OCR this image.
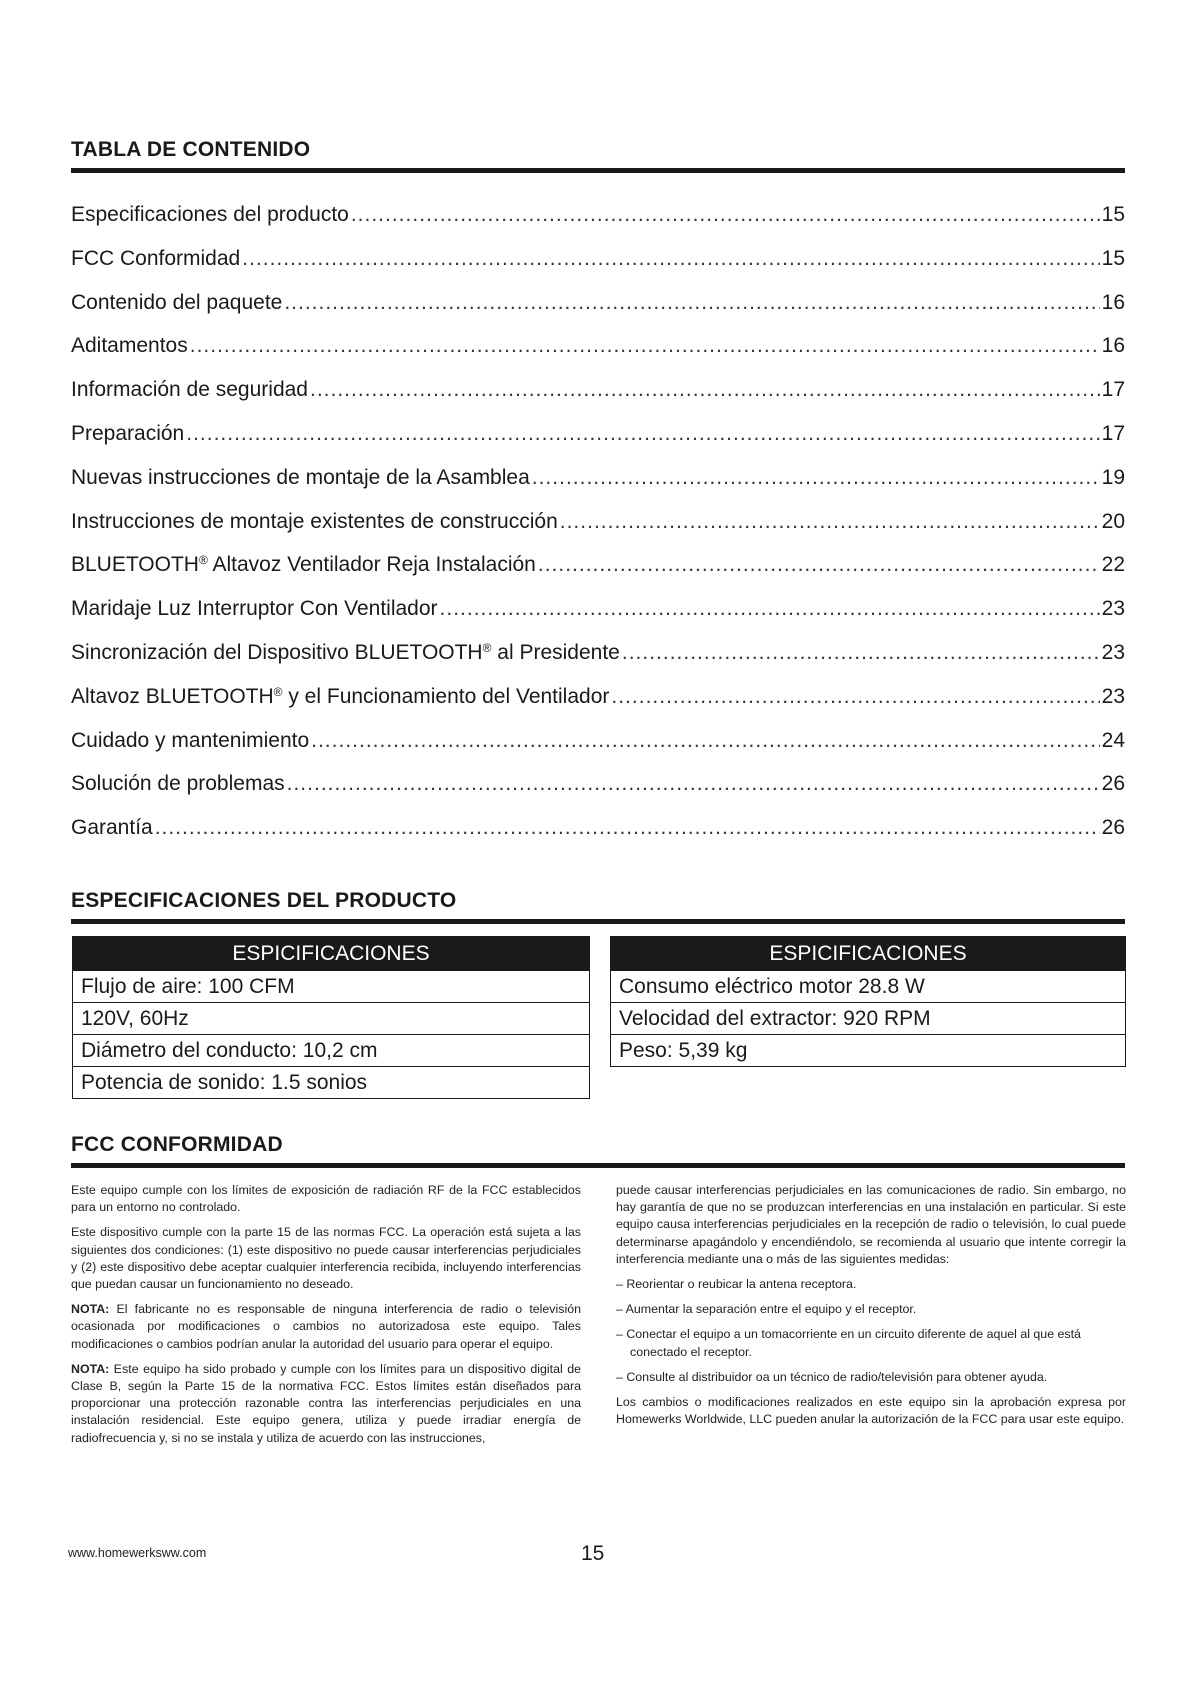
TABLA DE CONTENIDO
Especificaciones del producto .....	15
FCC Conformidad .....	15
Contenido del paquete .....	16
Aditamentos .....	16
Información de seguridad .....	17
Preparación .....	17
Nuevas instrucciones de montaje de la Asamblea .....	19
Instrucciones de montaje existentes de construcción .....	20
BLUETOOTH® Altavoz Ventilador Reja Instalación .....	22
Maridaje Luz Interruptor Con Ventilador .....	23
Sincronización del Dispositivo BLUETOOTH® al Presidente .....	23
Altavoz BLUETOOTH® y el Funcionamiento del Ventilador .....	23
Cuidado y mantenimiento .....	24
Solución de problemas .....	26
Garantía .....	26
ESPECIFICACIONES DEL PRODUCTO
ESPICIFICACIONES
Flujo de aire: 100 CFM
120V, 60Hz
Diámetro del conducto: 10,2 cm
Potencia de sonido: 1.5 sonios
ESPICIFICACIONES
Consumo eléctrico motor 28.8 W
Velocidad del extractor: 920 RPM
Peso: 5,39 kg
FCC CONFORMIDAD

Este equipo cumple con los límites de exposición de radiación RF de la FCC establecidos para un entorno no controlado.

Este dispositivo cumple con la parte 15 de las normas FCC. La operación está sujeta a las siguientes dos condiciones: (1) este dispositivo no puede causar interferencias perjudiciales y (2) este dispositivo debe aceptar cualquier interferencia recibida, incluyendo interferencias que puedan causar un funcionamiento no deseado.

NOTA: El fabricante no es responsable de ninguna interferencia de radio o televisión ocasionada por modificaciones o cambios no autorizadosa este equipo. Tales modificaciones o cambios podrían anular la autoridad del usuario para operar el equipo.

NOTA: Este equipo ha sido probado y cumple con los límites para un dispositivo digital de Clase B, según la Parte 15 de la normativa FCC. Estos límites están diseñados para proporcionar una protección razonable contra las interferencias perjudiciales en una instalación residencial. Este equipo genera, utiliza y puede irradiar energía de radiofrecuencia y, si no se instala y utiliza de acuerdo con las instrucciones,

puede causar interferencias perjudiciales en las comunicaciones de radio. Sin embargo, no hay garantía de que no se produzcan interferencias en una instalación en particular. Si este equipo causa interferencias perjudiciales en la recepción de radio o televisión, lo cual puede determinarse apagándolo y encendiéndolo, se recomienda al usuario que intente corregir la interferencia mediante una o más de las siguientes medidas:

– Reorientar o reubicar la antena receptora.

– Aumentar la separación entre el equipo y el receptor.

– Conectar el equipo a un tomacorriente en un circuito diferente de aquel al que está conectado el receptor.

– Consulte al distribuidor oa un técnico de radio/televisión para obtener ayuda.

Los cambios o modificaciones realizados en este equipo sin la aprobación expresa por Homewerks Worldwide, LLC pueden anular la autorización de la FCC para usar este equipo.

www.homewerksww.com	15
